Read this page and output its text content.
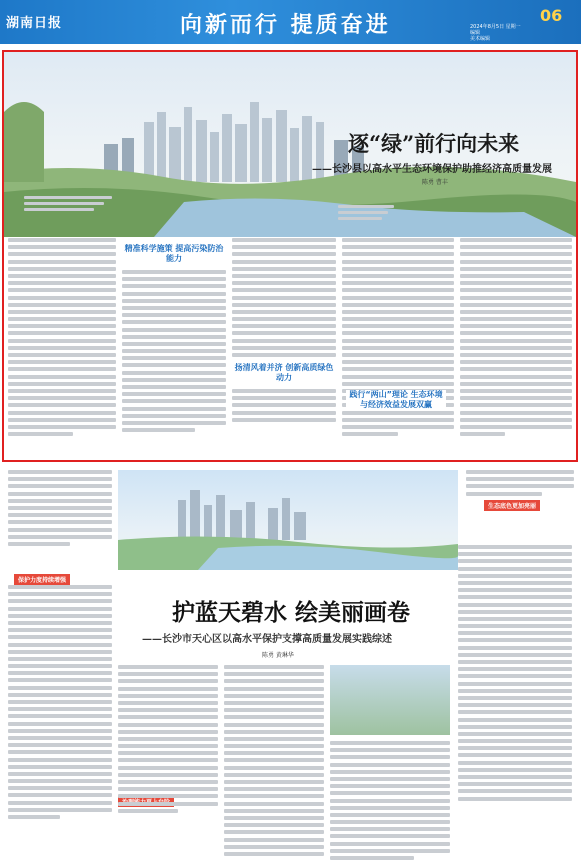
湖南日报	向新而行 提质奋进	06
2024年8月5日 星期一
编辑
美术编辑
逐“绿”前行向未来
——长沙县以高水平生态环境保护助推经济高质量发展
陈勇 曹丰
精准科学施策 提高污染防治能力
扬清风着并济 创新高质绿色动力
践行“两山”理论 生态环境与经济效益发展双赢
生态底色更加亮丽
护蓝天碧水 绘美丽画卷
——长沙市天心区以高水平保护支撑高质量发展实践综述
陈勇 黄琳华
保护力度持续增强
